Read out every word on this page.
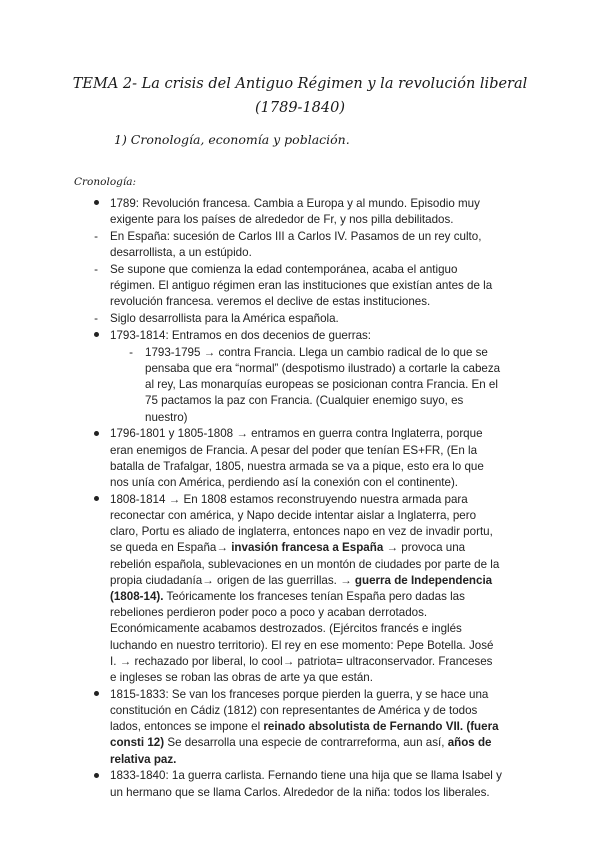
TEMA 2- La crisis del Antiguo Régimen y la revolución liberal
(1789-1840)
1) Cronología, economía y población.
Cronología:
1789: Revolución francesa. Cambia a Europa y al mundo. Episodio muy exigente para los países de alrededor de Fr, y nos pilla debilitados.
-	En España: sucesión de Carlos III a Carlos IV. Pasamos de un rey culto, desarrollista, a un estúpido.
-	Se supone que comienza la edad contemporánea, acaba el antiguo régimen. El antiguo régimen eran las instituciones que existían antes de la revolución francesa. veremos el declive de estas instituciones.
-	Siglo desarrollista para la América española.
1793-1814: Entramos en dos decenios de guerras:
-	1793-1795 → contra Francia. Llega un cambio radical de lo que se pensaba que era “normal” (despotismo ilustrado) a cortarle la cabeza al rey, Las monarquías europeas se posicionan contra Francia. En el 75 pactamos la paz con Francia. (Cualquier enemigo suyo, es nuestro)
1796-1801 y 1805-1808 → entramos en guerra contra Inglaterra, porque eran enemigos de Francia. A pesar del poder que tenían ES+FR, (En la batalla de Trafalgar, 1805, nuestra armada se va a pique, esto era lo que nos unía con América, perdiendo así la conexión con el continente).
1808-1814 → En 1808 estamos reconstruyendo nuestra armada para reconectar con américa, y Napo decide intentar aislar a Inglaterra, pero claro, Portu es aliado de inglaterra, entonces napo en vez de invadir portu, se queda en España→ invasión francesa a España → provoca una rebelión española, sublevaciones en un montón de ciudades por parte de la propia ciudadanía→ origen de las guerrillas. → guerra de Independencia (1808-14). Teóricamente los franceses tenían España pero dadas las rebeliones perdieron poder poco a poco y acaban derrotados. Económicamente acabamos destrozados. (Ejércitos francés e inglés luchando en nuestro territorio). El rey en ese momento: Pepe Botella. José I. → rechazado por liberal, lo cool→ patriota= ultraconservador. Franceses e ingleses se roban las obras de arte ya que están.
1815-1833: Se van los franceses porque pierden la guerra, y se hace una constitución en Cádiz (1812) con representantes de América y de todos lados, entonces se impone el reinado absolutista de Fernando VII. (fuera consti 12) Se desarrolla una especie de contrarreforma, aun así, años de relativa paz.
1833-1840: 1a guerra carlista. Fernando tiene una hija que se llama Isabel y un hermano que se llama Carlos. Alrededor de la niña: todos los liberales.
